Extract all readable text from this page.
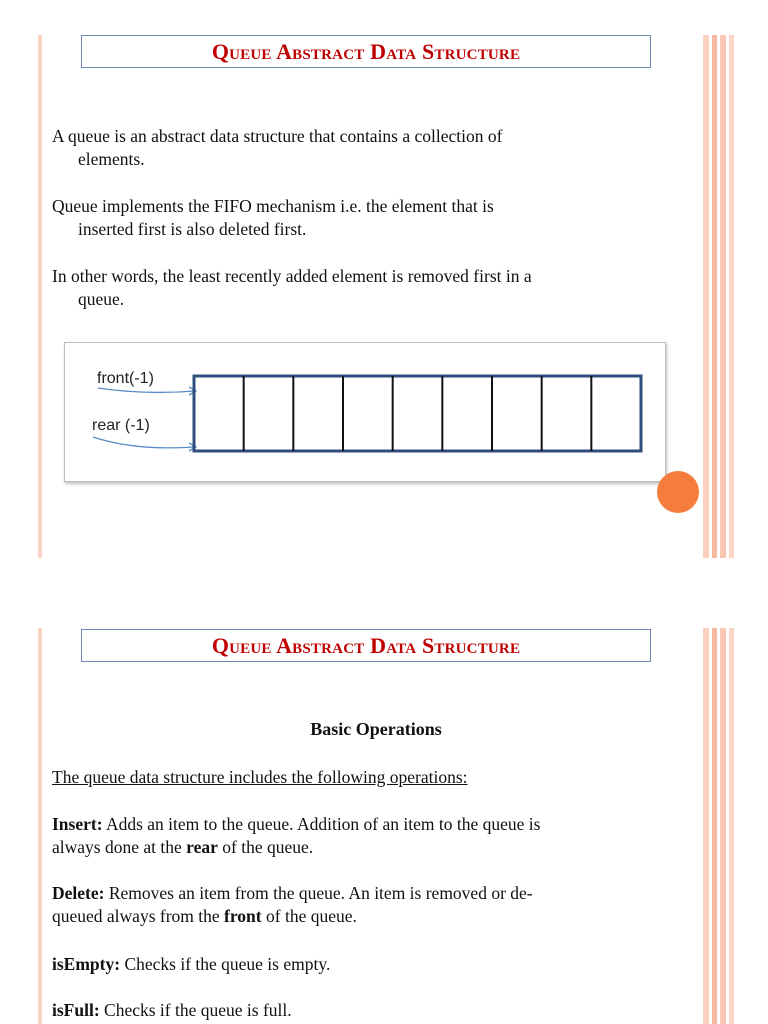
Queue Abstract Data Structure
A queue is an abstract data structure that contains a collection of
elements.
Queue implements the FIFO mechanism i.e. the element that is
inserted first is also deleted first.
In other words, the least recently added element is removed first in a
queue.
front(-1)
rear (-1)
Queue Abstract Data Structure
Basic Operations
The queue data structure includes the following operations:
Insert: Adds an item to the queue. Addition of an item to the queue is
always done at the rear of the queue.
Delete: Removes an item from the queue. An item is removed or de-
queued always from the front of the queue.
isEmpty: Checks if the queue is empty.
isFull: Checks if the queue is full.
